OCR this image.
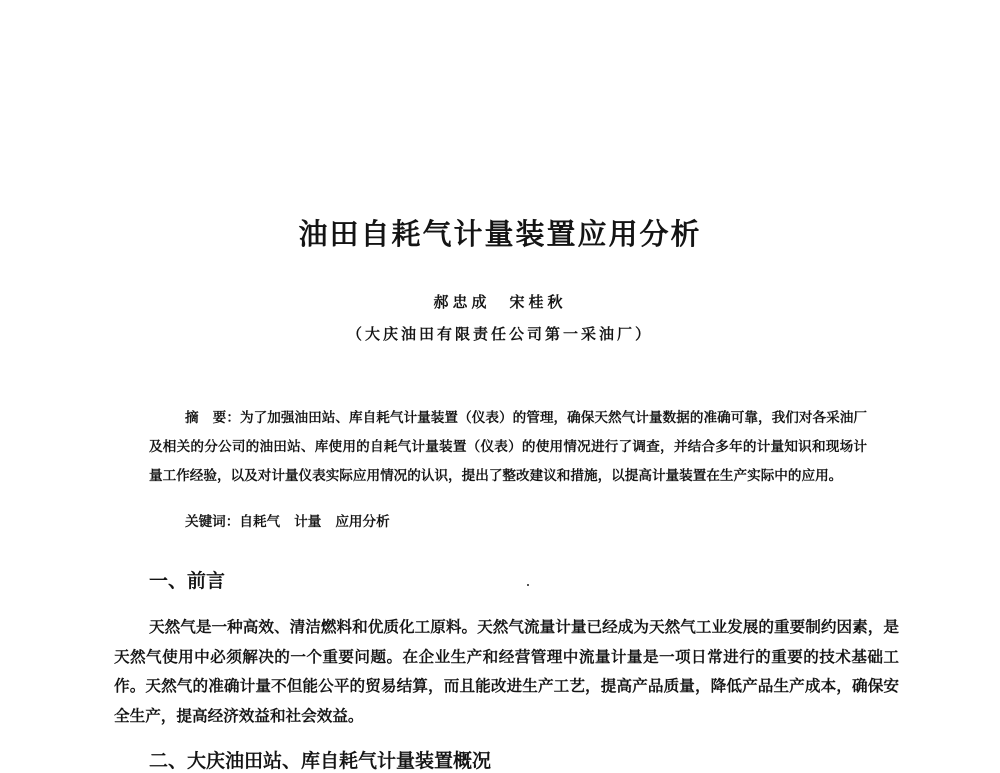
油田自耗气计量装置应用分析
郝忠成　宋桂秋
（大庆油田有限责任公司第一采油厂）

摘 要：为了加强油田站、库自耗气计量装置（仪表）的管理，确保天然气计量数据的准确可靠，我们对各采油厂及相关的分公司的油田站、库使用的自耗气计量装置（仪表）的使用情况进行了调查，并结合多年的计量知识和现场计量工作经验，以及对计量仪表实际应用情况的认识，提出了整改建议和措施，以提高计量装置在生产实际中的应用。

关键词：自耗气 计量 应用分析
一、前言

天然气是一种高效、清洁燃料和优质化工原料。天然气流量计量已经成为天然气工业发展的重要制约因素，是天然气使用中必须解决的一个重要问题。在企业生产和经营管理中流量计量是一项日常进行的重要的技术基础工作。天然气的准确计量不但能公平的贸易结算，而且能改进生产工艺，提高产品质量，降低产品生产成本，确保安全生产，提高经济效益和社会效益。

二、大庆油田站、库自耗气计量装置概况
